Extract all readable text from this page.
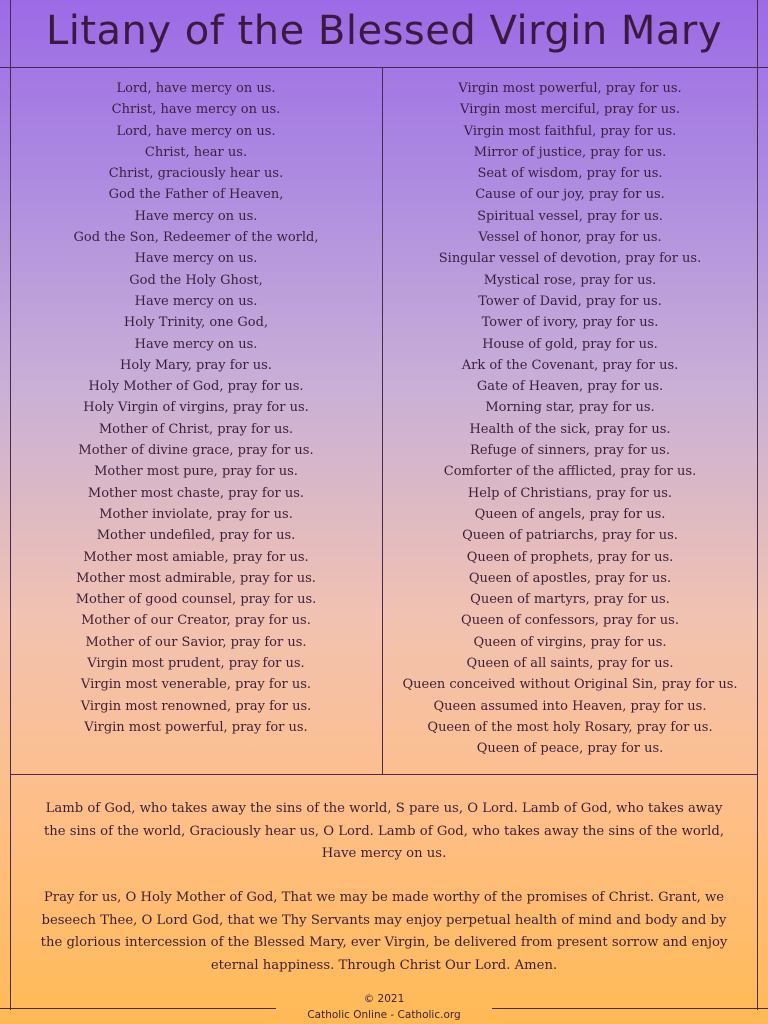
Litany of the Blessed Virgin Mary
Lord, have mercy on us.
Christ, have mercy on us.
Lord, have mercy on us.
Christ, hear us.
Christ, graciously hear us.
God the Father of Heaven,
Have mercy on us.
God the Son, Redeemer of the world,
Have mercy on us.
God the Holy Ghost,
Have mercy on us.
Holy Trinity, one God,
Have mercy on us.
Holy Mary, pray for us.
Holy Mother of God, pray for us.
Holy Virgin of virgins, pray for us.
Mother of Christ, pray for us.
Mother of divine grace, pray for us.
Mother most pure, pray for us.
Mother most chaste, pray for us.
Mother inviolate, pray for us.
Mother undefiled, pray for us.
Mother most amiable, pray for us.
Mother most admirable, pray for us.
Mother of good counsel, pray for us.
Mother of our Creator, pray for us.
Mother of our Savior, pray for us.
Virgin most prudent, pray for us.
Virgin most venerable, pray for us.
Virgin most renowned, pray for us.
Virgin most powerful, pray for us.
Virgin most powerful, pray for us.
Virgin most merciful, pray for us.
Virgin most faithful, pray for us.
Mirror of justice, pray for us.
Seat of wisdom, pray for us.
Cause of our joy, pray for us.
Spiritual vessel, pray for us.
Vessel of honor, pray for us.
Singular vessel of devotion, pray for us.
Mystical rose, pray for us.
Tower of David, pray for us.
Tower of ivory, pray for us.
House of gold, pray for us.
Ark of the Covenant, pray for us.
Gate of Heaven, pray for us.
Morning star, pray for us.
Health of the sick, pray for us.
Refuge of sinners, pray for us.
Comforter of the afflicted, pray for us.
Help of Christians, pray for us.
Queen of angels, pray for us.
Queen of patriarchs, pray for us.
Queen of prophets, pray for us.
Queen of apostles, pray for us.
Queen of martyrs, pray for us.
Queen of confessors, pray for us.
Queen of virgins, pray for us.
Queen of all saints, pray for us.
Queen conceived without Original Sin, pray for us.
Queen assumed into Heaven, pray for us.
Queen of the most holy Rosary, pray for us.
Queen of peace, pray for us.

Lamb of God, who takes away the sins of the world, S pare us, O Lord. Lamb of God, who takes away the sins of the world, Graciously hear us, O Lord. Lamb of God, who takes away the sins of the world, Have mercy on us.

Pray for us, O Holy Mother of God, That we may be made worthy of the promises of Christ. Grant, we beseech Thee, O Lord God, that we Thy Servants may enjoy perpetual health of mind and body and by the glorious intercession of the Blessed Mary, ever Virgin, be delivered from present sorrow and enjoy eternal happiness. Through Christ Our Lord. Amen.

© 2021
Catholic Online - Catholic.org
